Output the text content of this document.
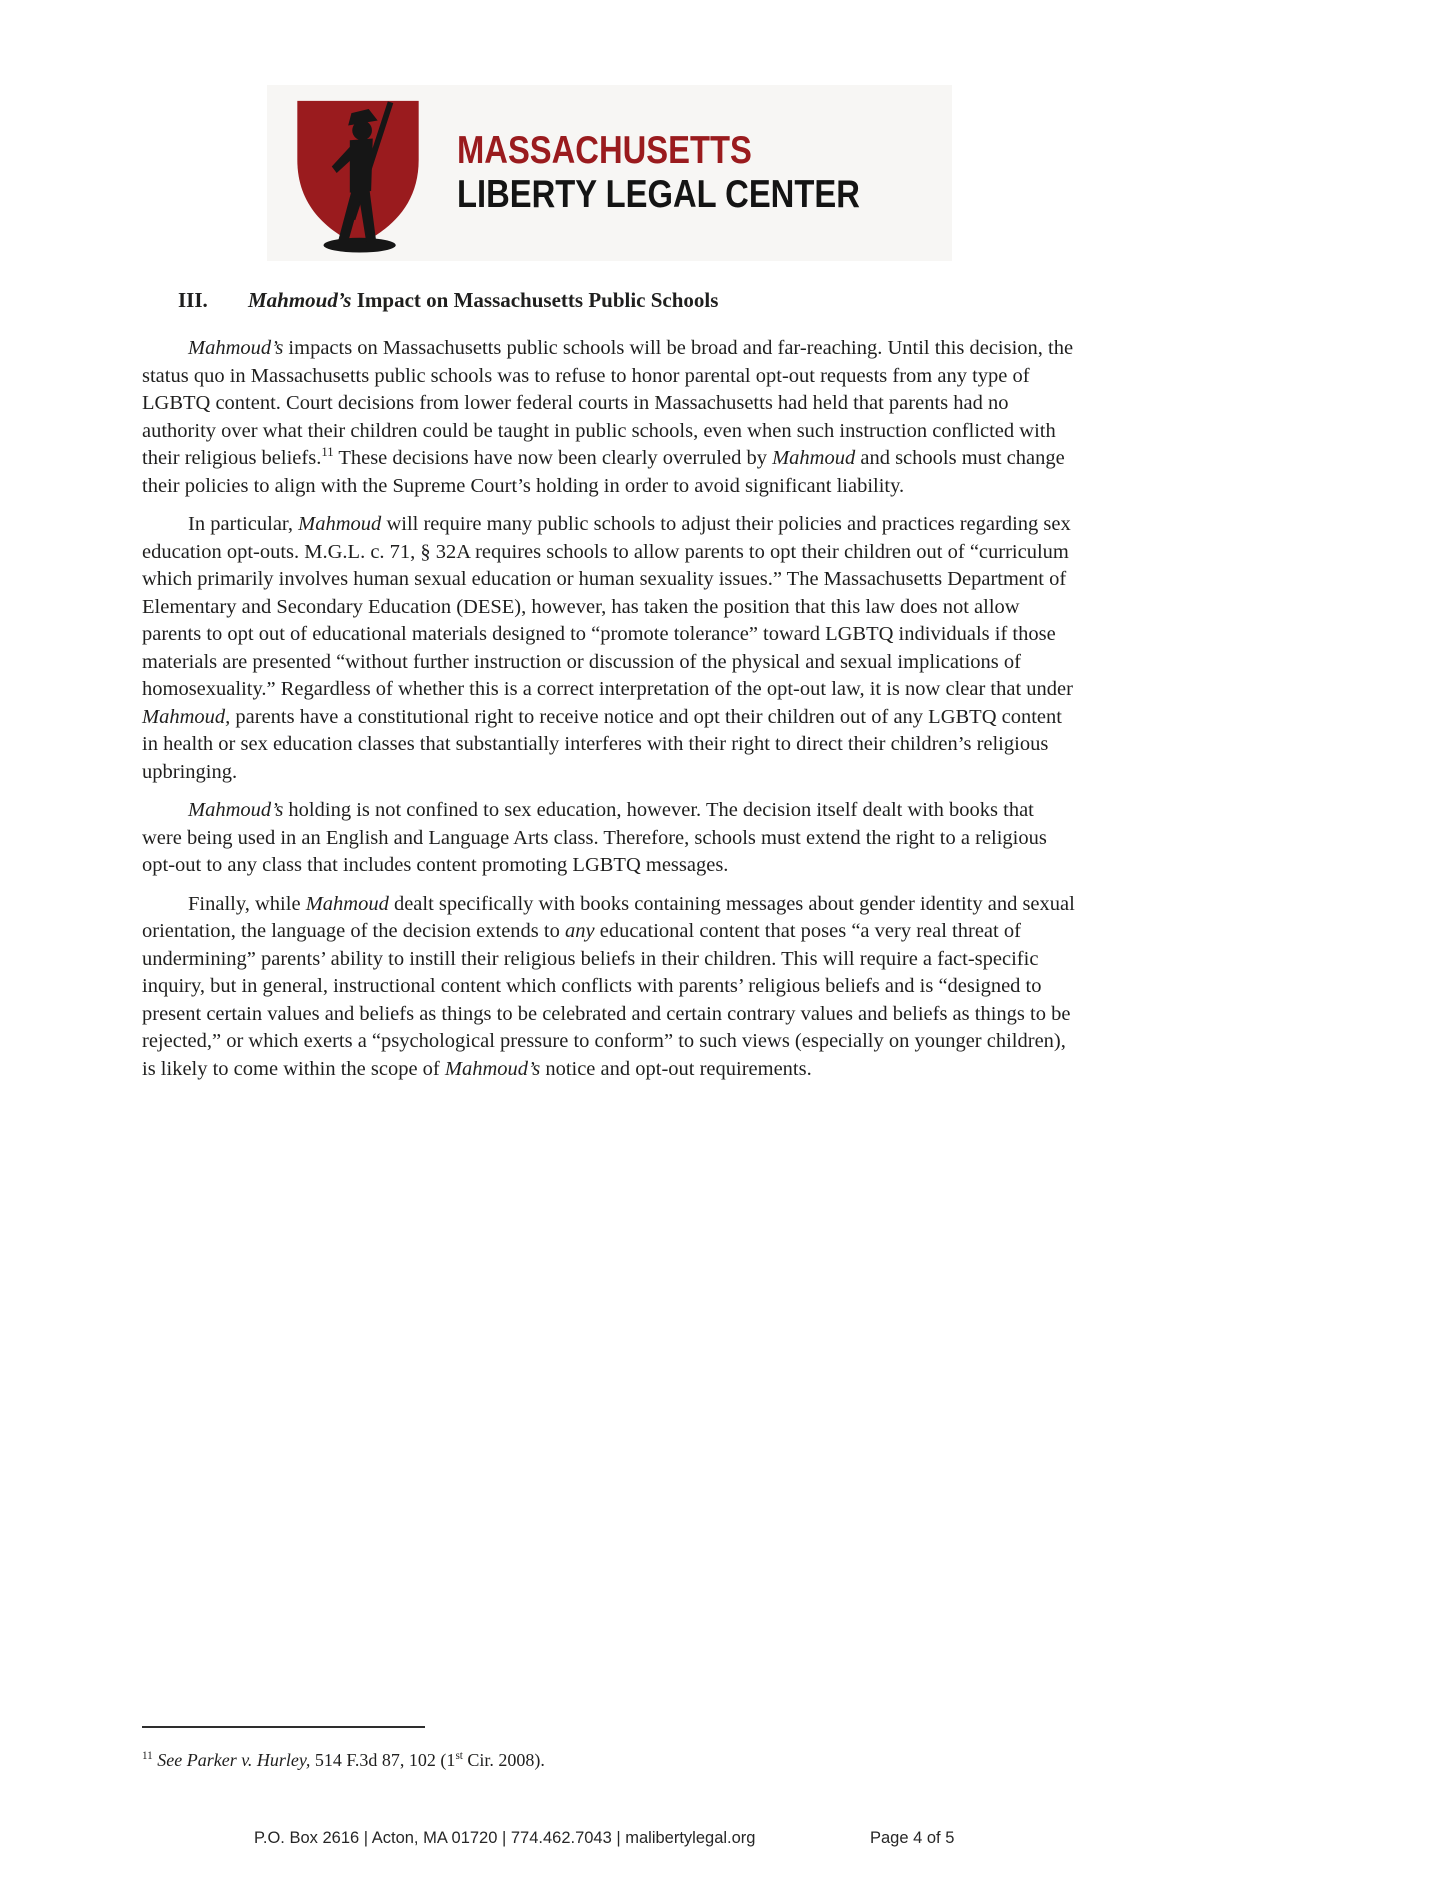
MASSACHUSETTS
LIBERTY LEGAL CENTER
III. Mahmoud’s Impact on Massachusetts Public Schools

Mahmoud’s impacts on Massachusetts public schools will be broad and far-reaching. Until this decision, the status quo in Massachusetts public schools was to refuse to honor parental opt-out requests from any type of LGBTQ content. Court decisions from lower federal courts in Massachusetts had held that parents had no authority over what their children could be taught in public schools, even when such instruction conflicted with their religious beliefs.$^{11}$ These decisions have now been clearly overruled by Mahmoud and schools must change their policies to align with the Supreme Court’s holding in order to avoid significant liability.

In particular, Mahmoud will require many public schools to adjust their policies and practices regarding sex education opt-outs. M.G.L. c. 71, § 32A requires schools to allow parents to opt their children out of “curriculum which primarily involves human sexual education or human sexuality issues.” The Massachusetts Department of Elementary and Secondary Education (DESE), however, has taken the position that this law does not allow parents to opt out of educational materials designed to “promote tolerance” toward LGBTQ individuals if those materials are presented “without further instruction or discussion of the physical and sexual implications of homosexuality.” Regardless of whether this is a correct interpretation of the opt-out law, it is now clear that under Mahmoud, parents have a constitutional right to receive notice and opt their children out of any LGBTQ content in health or sex education classes that substantially interferes with their right to direct their children’s religious upbringing.

Mahmoud’s holding is not confined to sex education, however. The decision itself dealt with books that were being used in an English and Language Arts class. Therefore, schools must extend the right to a religious opt-out to any class that includes content promoting LGBTQ messages.

Finally, while Mahmoud dealt specifically with books containing messages about gender identity and sexual orientation, the language of the decision extends to any educational content that poses “a very real threat of undermining” parents’ ability to instill their religious beliefs in their children. This will require a fact-specific inquiry, but in general, instructional content which conflicts with parents’ religious beliefs and is “designed to present certain values and beliefs as things to be celebrated and certain contrary values and beliefs as things to be rejected,” or which exerts a “psychological pressure to conform” to such views (especially on younger children), is likely to come within the scope of Mahmoud’s notice and opt-out requirements.

$^{11}$ See Parker v. Hurley, 514 F.3d 87, 102 (1st Cir. 2008).

P.O. Box 2616 | Acton, MA 01720 | 774.462.7043 | malibertylegal.org	Page 4 of 5
